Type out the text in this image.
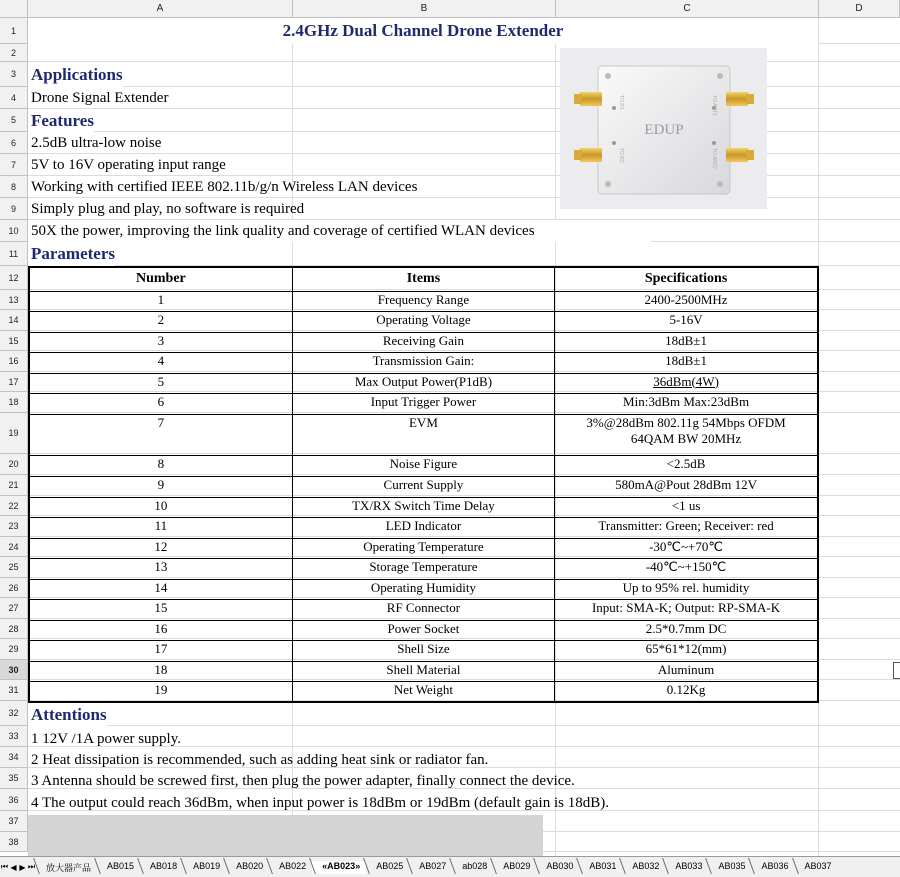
A	B	C	D
1
2
3
4
5
6
7
8
9
10
11
12
13
14
15
16
17
18
19
20
21
22
23
24
25
26
27
28
29
30
31
32
33
34
35
36
37
38
2.4GHz Dual Channel Drone Extender
Applications
Drone Signal Extender
Features
2.5dB ultra-low noise
5V to 16V operating input range
Working with certified IEEE 802.11b/g/n Wireless LAN devices
Simply plug and play, no software is required
50X the power, improving the link quality and coverage of certified WLAN devices
Parameters
EDUP
TO ANT1
TO ANT2
TO R1
TO R2
Number	Items	Specifications
1	Frequency Range	2400-2500MHz
2	Operating Voltage	5-16V
3	Receiving Gain	18dB±1
4	Transmission Gain:	18dB±1
5	Max Output Power(P1dB)	36dBm(4W)
6	Input Trigger Power	Min:3dBm Max:23dBm
7	EVM	3%@28dBm 802.11g 54Mbps OFDM
64QAM BW 20MHz
8	Noise Figure	<2.5dB
9	Current Supply	580mA@Pout 28dBm 12V
10	TX/RX Switch Time Delay	<1 us
11	LED Indicator	Transmitter: Green; Receiver: red
12	Operating Temperature	-30℃~+70℃
13	Storage Temperature	-40℃~+150℃
14	Operating Humidity	Up to 95% rel. humidity
15	RF Connector	Input: SMA-K; Output: RP-SMA-K
16	Power Socket	2.5*0.7mm DC
17	Shell Size	65*61*12(mm)
18	Shell Material	Aluminum
19	Net Weight	0.12Kg
Attentions
1 12V /1A power supply.
2 Heat dissipation is recommended, such as adding heat sink or radiator fan.
3 Antenna should be screwed first, then plug the power adapter, finally connect the device.
4 The output could reach 36dBm, when input power is 18dBm or 19dBm (default gain is 18dB).
⏮ ◀ ▶ ⏭	放大器产品	AB015	AB018	AB019	AB020	AB022	«AB023»	AB025	AB027	ab028	AB029	AB030	AB031	AB032	AB033	AB035	AB036	AB037
